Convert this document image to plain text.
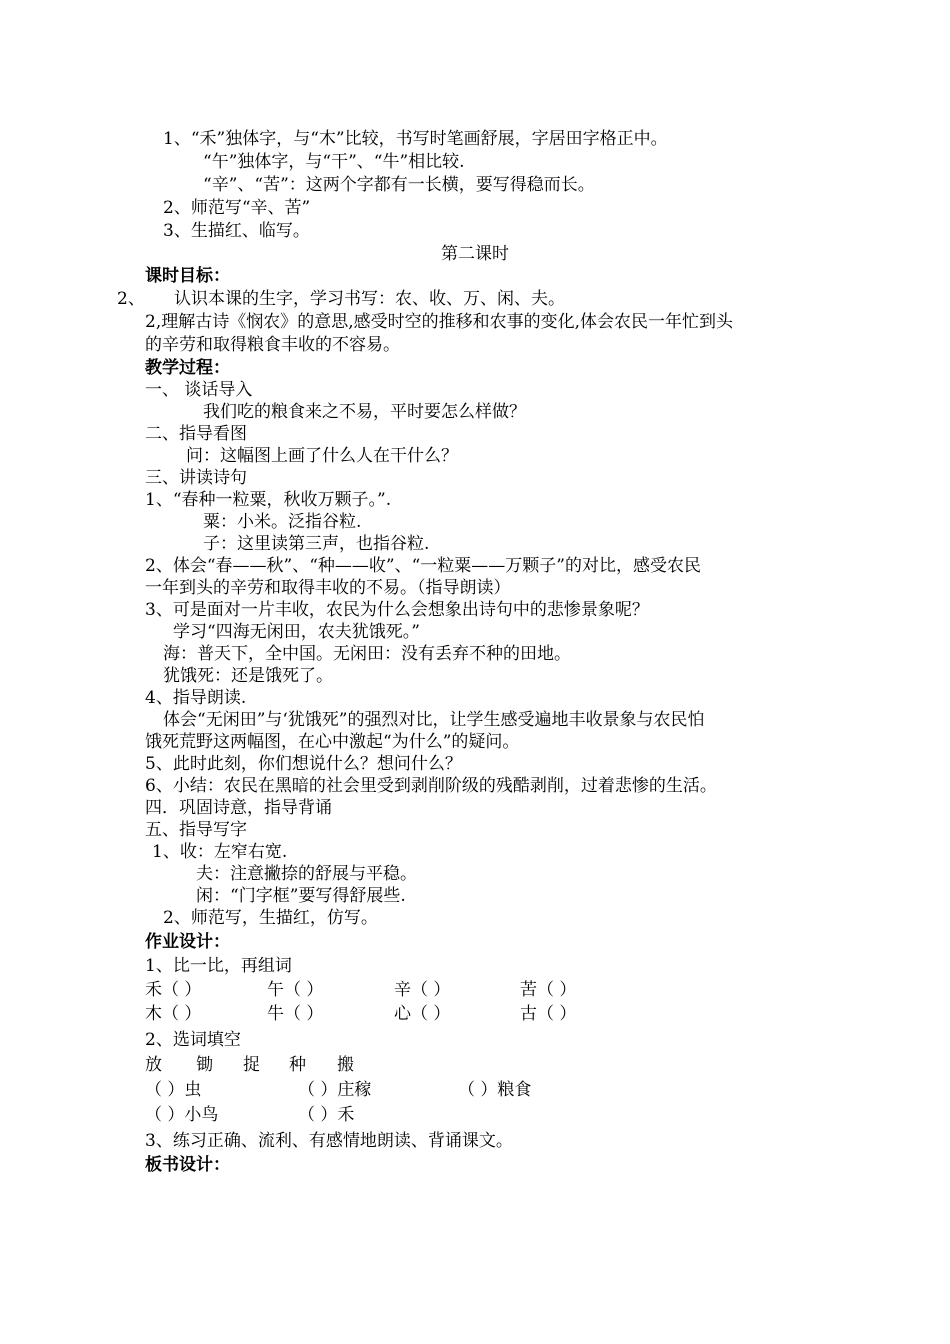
1、“禾”独体字，与“木”比较，书写时笔画舒展，字居田字格正中。
“午”独体字，与“干”、“牛”相比较.
“辛”、“苦”：这两个字都有一长横，要写得稳而长。
2、师范写“辛、苦”
3、生描红、临写。
第二课时
课时目标：
2、 认识本课的生字，学习书写：农、收、万、闲、夫。
2,理解古诗《悯农》的意思,感受时空的推移和农事的变化,体会农民一年忙到头
的辛劳和取得粮食丰收的不容易。
教学过程：
一、 谈话导入
我们吃的粮食来之不易，平时要怎么样做？
二、指导看图
问：这幅图上画了什么人在干什么？
三、讲读诗句
1、“春种一粒粟，秋收万颗子。”.
粟：小米。泛指谷粒.
子：这里读第三声，也指谷粒.
2、体会“春——秋”、“种——收”、“一粒粟——万颗子”的对比，感受农民
一年到头的辛劳和取得丰收的不易。（指导朗读）
3、可是面对一片丰收，农民为什么会想象出诗句中的悲惨景象呢？
学习“四海无闲田，农夫犹饿死。”
海：普天下，全中国。无闲田：没有丢弃不种的田地。
犹饿死：还是饿死了。
4、指导朗读.
体会“无闲田”与‘犹饿死”的强烈对比，让学生感受遍地丰收景象与农民怕
饿死荒野这两幅图，在心中激起“为什么”的疑问。
5、此时此刻，你们想说什么？想问什么？
6、小结：农民在黑暗的社会里受到剥削阶级的残酷剥削，过着悲惨的生活。
四．巩固诗意，指导背诵
五、指导写字
1、收：左窄右宽.
夫：注意撇捺的舒展与平稳。
闲：“门字框”要写得舒展些.
2、师范写，生描红，仿写。
作业设计：
1、比一比，再组词
禾（ ）	午（ ）	辛（ ）	苦（ ）
木（ ）	牛（ ）	心（ ）	古（ ）
2、选词填空
放 锄 捉 种 搬
（ ）虫	（ ）庄稼	（ ）粮食
（ ）小鸟	（ ）禾
3、练习正确、流利、有感情地朗读、背诵课文。
板书设计：
